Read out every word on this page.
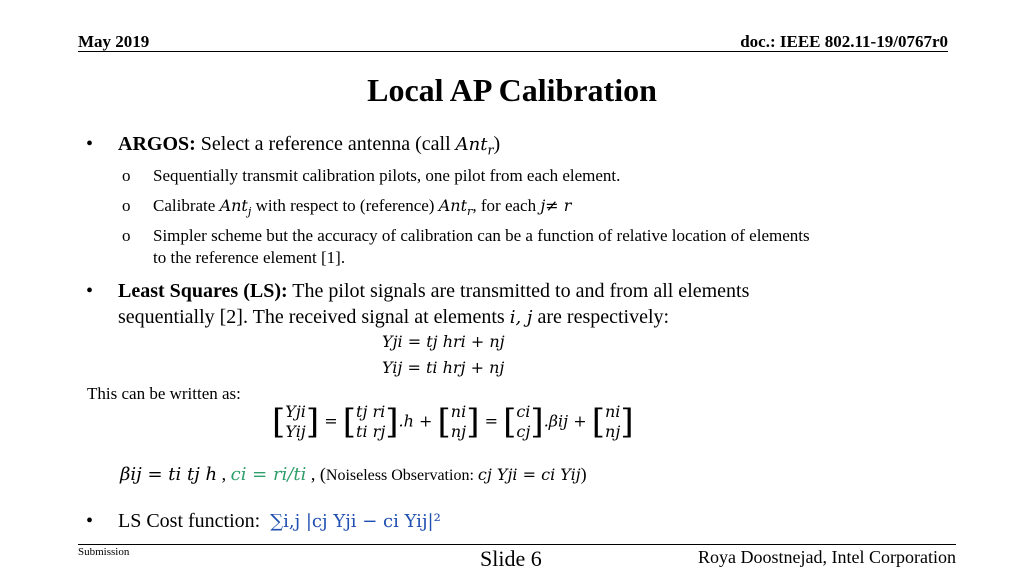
May 2019	doc.: IEEE 802.11-19/0767r0
Local AP Calibration
• ARGOS: Select a reference antenna (call Ant$_r$)
o Sequentially transmit calibration pilots, one pilot from each element.
o Calibrate Ant$_j$ with respect to (reference) Ant$_r$, for each j≠ r
o Simpler scheme but the accuracy of calibration can be a function of relative location of elements
to the reference element [1].
• Least Squares (LS): The pilot signals are transmitted to and from all elements
sequentially [2]. The received signal at elements i, j are respectively:
Yji = tj hri + nj
Yij = ti hrj + nj
This can be written as:
[ Yji
Yij ] = [ tj ri
ti rj ].h + [ ni
nj ] = [ ci
cj ].βij + [ ni
nj ]
βij = ti tj h , ci = ri/ti , (Noiseless Observation: cj Yji = ci Yij)
• LS Cost function: ∑i,j |cj Yji − ci Yij|²
Submission	Slide 6	Roya Doostnejad, Intel Corporation
